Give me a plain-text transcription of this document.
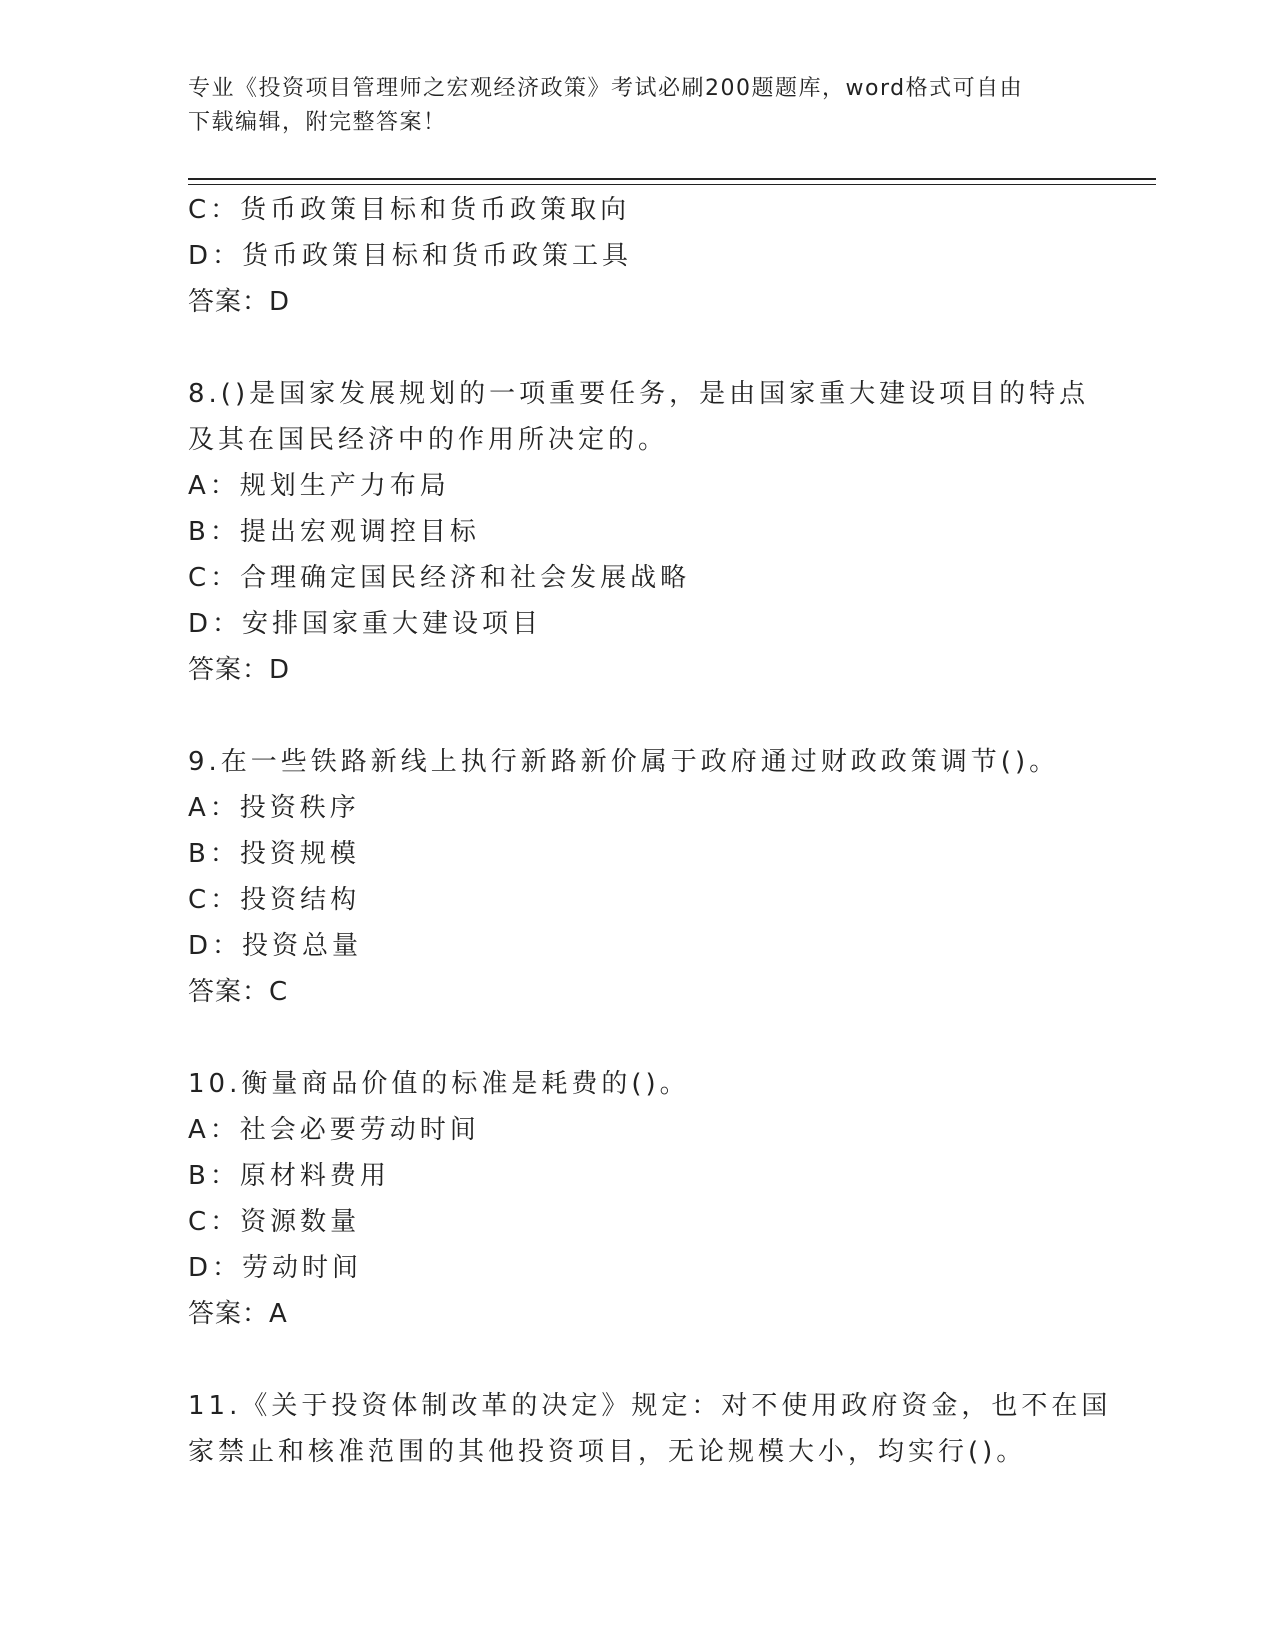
专业《投资项目管理师之宏观经济政策》考试必刷200题题库，word格式可自由
下载编辑，附完整答案！
C：货币政策目标和货币政策取向
D：货币政策目标和货币政策工具
答案：D
8.()是国家发展规划的一项重要任务，是由国家重大建设项目的特点
及其在国民经济中的作用所决定的。
A：规划生产力布局
B：提出宏观调控目标
C：合理确定国民经济和社会发展战略
D：安排国家重大建设项目
答案：D
9.在一些铁路新线上执行新路新价属于政府通过财政政策调节()。
A：投资秩序
B：投资规模
C：投资结构
D：投资总量
答案：C
10.衡量商品价值的标准是耗费的()。
A：社会必要劳动时间
B：原材料费用
C：资源数量
D：劳动时间
答案：A
11.《关于投资体制改革的决定》规定：对不使用政府资金，也不在国
家禁止和核准范围的其他投资项目，无论规模大小，均实行()。
